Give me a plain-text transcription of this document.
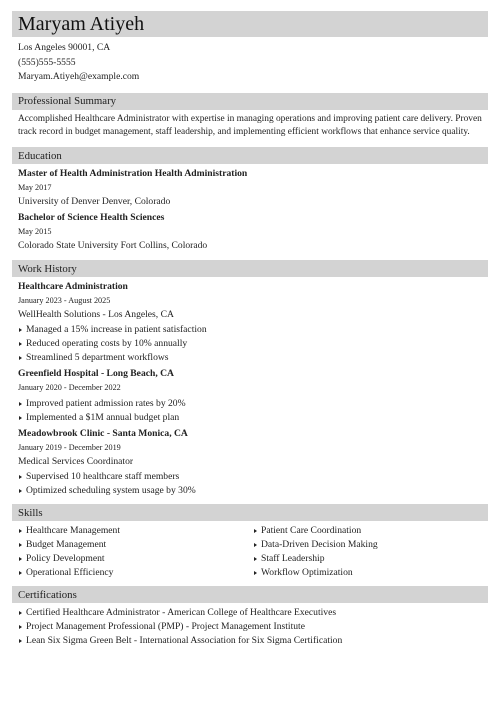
Maryam Atiyeh
Los Angeles 90001, CA
(555)555-5555
Maryam.Atiyeh@example.com
Professional Summary

Accomplished Healthcare Administrator with expertise in managing operations and improving patient care delivery. Proven track record in budget management, staff leadership, and implementing efficient workflows that enhance service quality.

Education
Master of Health Administration Health Administration
May 2017
University of Denver Denver, Colorado
Bachelor of Science Health Sciences
May 2015
Colorado State University Fort Collins, Colorado
Work History
Healthcare Administration
January 2023 - August 2025
WellHealth Solutions - Los Angeles, CA
Managed a 15% increase in patient satisfaction
Reduced operating costs by 10% annually
Streamlined 5 department workflows
Greenfield Hospital - Long Beach, CA
January 2020 - December 2022
Improved patient admission rates by 20%
Implemented a $1M annual budget plan
Meadowbrook Clinic - Santa Monica, CA
January 2019 - December 2019
Medical Services Coordinator
Supervised 10 healthcare staff members
Optimized scheduling system usage by 30%
Skills
Healthcare Management
Budget Management
Policy Development
Operational Efficiency
Patient Care Coordination
Data-Driven Decision Making
Staff Leadership
Workflow Optimization
Certifications
Certified Healthcare Administrator - American College of Healthcare Executives
Project Management Professional (PMP) - Project Management Institute
Lean Six Sigma Green Belt - International Association for Six Sigma Certification
